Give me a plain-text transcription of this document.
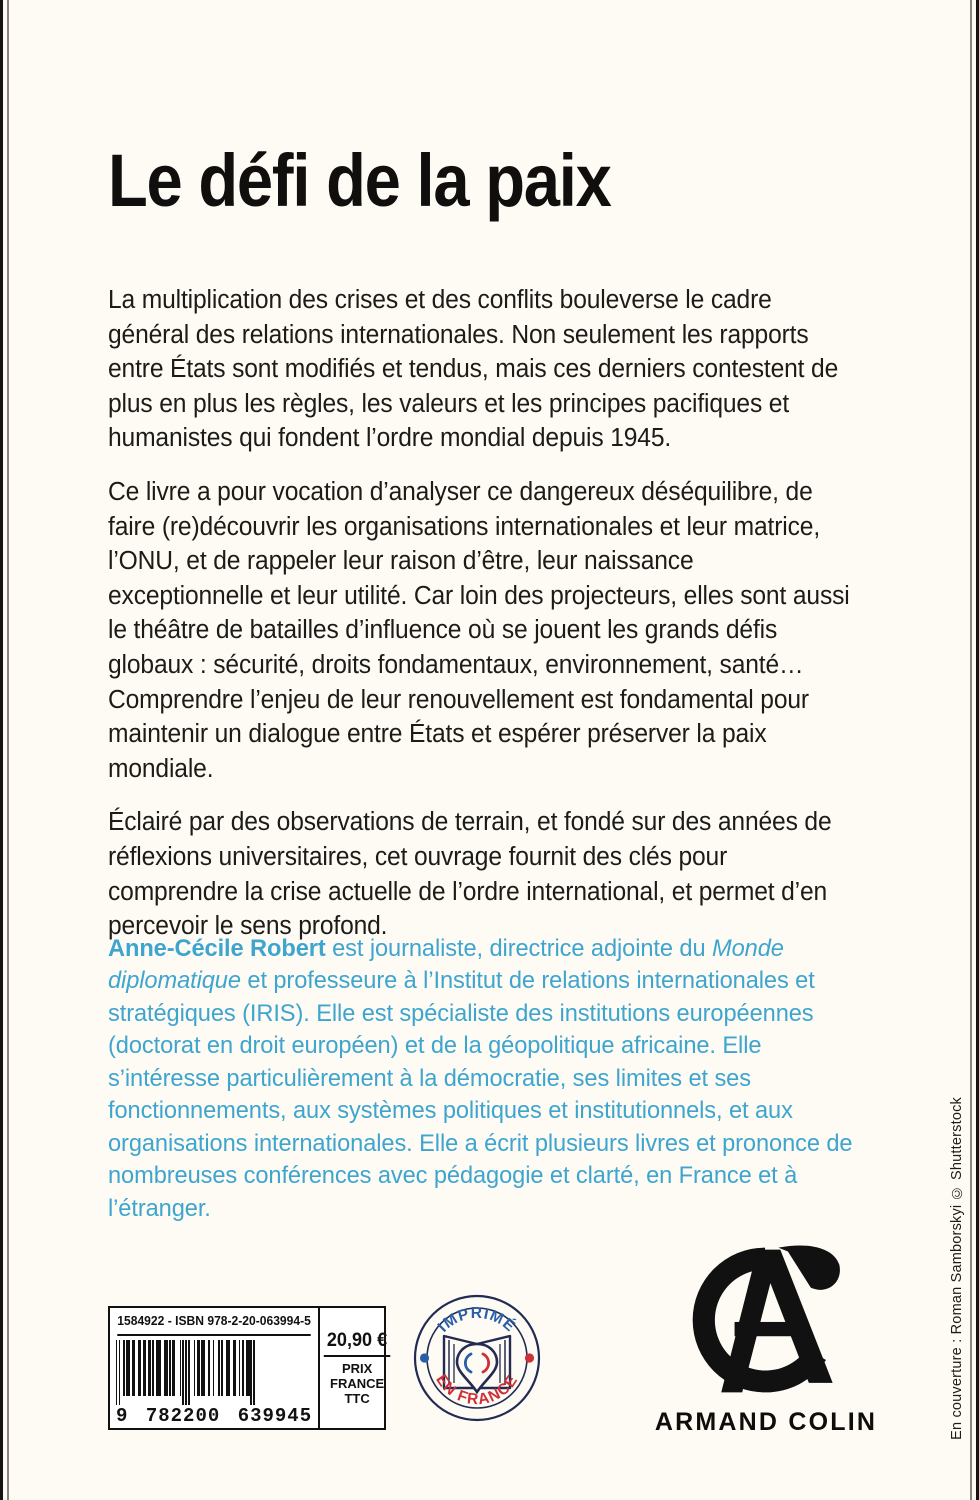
Le défi de la paix

La multiplication des crises et des conflits bouleverse le cadre général des relations internationales. Non seulement les rapports entre États sont modifiés et tendus, mais ces derniers contestent de plus en plus les règles, les valeurs et les principes pacifiques et humanistes qui fondent l’ordre mondial depuis 1945.

Ce livre a pour vocation d’analyser ce dangereux déséquilibre, de faire (re)découvrir les organisations internationales et leur matrice, l’ONU, et de rappeler leur raison d’être, leur naissance exceptionnelle et leur utilité. Car loin des projecteurs, elles sont aussi le théâtre de batailles d’influence où se jouent les grands défis globaux : sécurité, droits fondamentaux, environnement, santé… Comprendre l’enjeu de leur renouvellement est fondamental pour maintenir un dialogue entre États et espérer préserver la paix mondiale.

Éclairé par des observations de terrain, et fondé sur des années de réflexions universitaires, cet ouvrage fournit des clés pour comprendre la crise actuelle de l’ordre international, et permet d’en percevoir le sens profond.

Anne-Cécile Robert est journaliste, directrice adjointe du Monde diplomatique et professeure à l’Institut de relations internationales et stratégiques (IRIS). Elle est spécialiste des institutions européennes (doctorat en droit européen) et de la géopolitique africaine. Elle s’intéresse particulièrement à la démocratie, ses limites et ses fonctionnements, aux systèmes politiques et institutionnels, et aux organisations internationales. Elle a écrit plusieurs livres et prononce de nombreuses conférences avec pédagogie et clarté, en France et à l’étranger.

1584922 - ISBN 978-2-20-063994-5
9 782200 639945
20,90 €
PRIX
FRANCE
TTC
IMPRIMÉ
EN FRANCE
ARMAND COLIN	En couverture : Roman Samborskyi © Shutterstock
